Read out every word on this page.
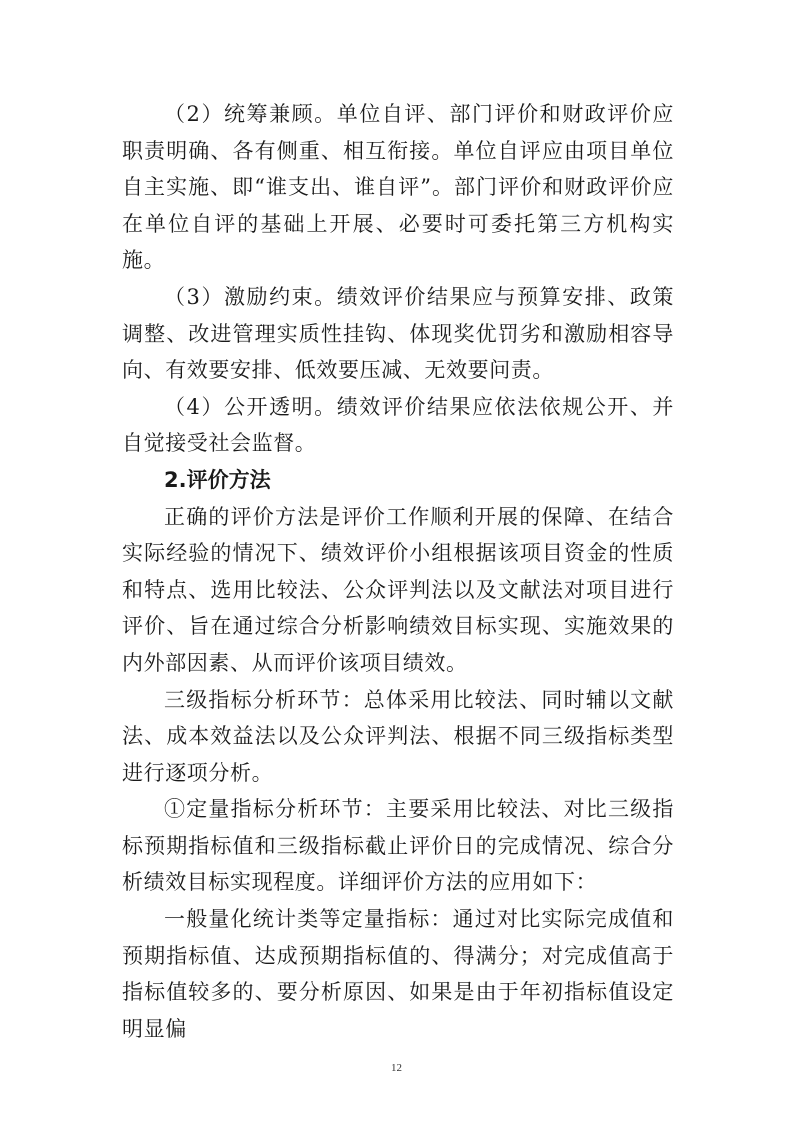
（2）统筹兼顾。单位自评、部门评价和财政评价应职责明确、各有侧重、相互衔接。单位自评应由项目单位自主实施、即“谁支出、谁自评”。部门评价和财政评价应在单位自评的基础上开展、必要时可委托第三方机构实施。

（3）激励约束。绩效评价结果应与预算安排、政策调整、改进管理实质性挂钩、体现奖优罚劣和激励相容导向、有效要安排、低效要压减、无效要问责。

（4）公开透明。绩效评价结果应依法依规公开、并自觉接受社会监督。

2.评价方法

正确的评价方法是评价工作顺利开展的保障、在结合实际经验的情况下、绩效评价小组根据该项目资金的性质和特点、选用比较法、公众评判法以及文献法对项目进行评价、旨在通过综合分析影响绩效目标实现、实施效果的内外部因素、从而评价该项目绩效。

三级指标分析环节：总体采用比较法、同时辅以文献法、成本效益法以及公众评判法、根据不同三级指标类型进行逐项分析。

①定量指标分析环节：主要采用比较法、对比三级指标预期指标值和三级指标截止评价日的完成情况、综合分析绩效目标实现程度。详细评价方法的应用如下：

一般量化统计类等定量指标：通过对比实际完成值和预期指标值、达成预期指标值的、得满分；对完成值高于指标值较多的、要分析原因、如果是由于年初指标值设定明显偏

12
